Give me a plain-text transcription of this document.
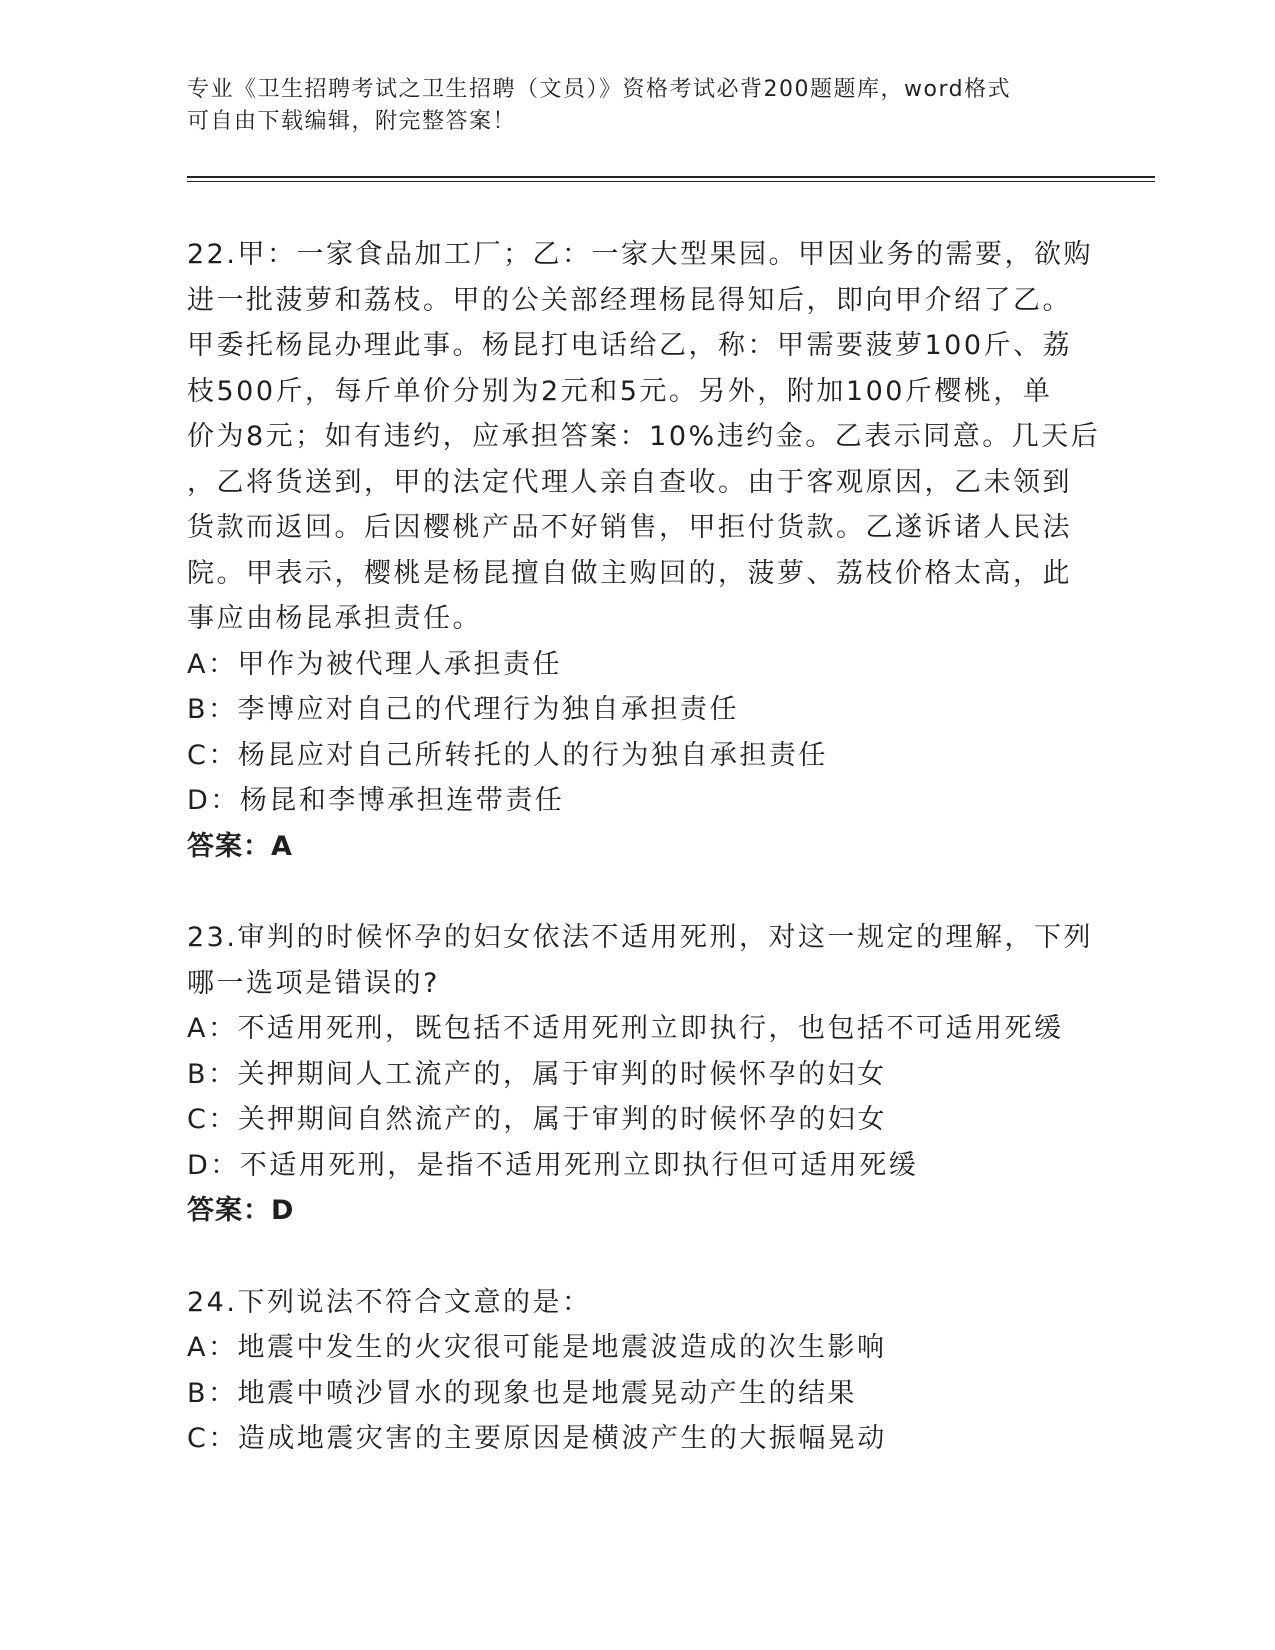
专业《卫生招聘考试之卫生招聘（文员）》资格考试必背200题题库，word格式
可自由下载编辑，附完整答案！
22.甲：一家食品加工厂；乙：一家大型果园。甲因业务的需要，欲购
进一批菠萝和荔枝。甲的公关部经理杨昆得知后，即向甲介绍了乙。
甲委托杨昆办理此事。杨昆打电话给乙，称：甲需要菠萝100斤、荔
枝500斤，每斤单价分别为2元和5元。另外，附加100斤樱桃，单
价为8元；如有违约，应承担答案：10%违约金。乙表示同意。几天后
，乙将货送到，甲的法定代理人亲自查收。由于客观原因，乙未领到
货款而返回。后因樱桃产品不好销售，甲拒付货款。乙遂诉诸人民法
院。甲表示，樱桃是杨昆擅自做主购回的，菠萝、荔枝价格太高，此
事应由杨昆承担责任。
A：甲作为被代理人承担责任
B：李博应对自己的代理行为独自承担责任
C：杨昆应对自己所转托的人的行为独自承担责任
D：杨昆和李博承担连带责任
答案：A
23.审判的时候怀孕的妇女依法不适用死刑，对这一规定的理解，下列
哪一选项是错误的?
A：不适用死刑，既包括不适用死刑立即执行，也包括不可适用死缓
B：关押期间人工流产的，属于审判的时候怀孕的妇女
C：关押期间自然流产的，属于审判的时候怀孕的妇女
D：不适用死刑，是指不适用死刑立即执行但可适用死缓
答案：D
24.下列说法不符合文意的是：
A：地震中发生的火灾很可能是地震波造成的次生影响
B：地震中喷沙冒水的现象也是地震晃动产生的结果
C：造成地震灾害的主要原因是横波产生的大振幅晃动
